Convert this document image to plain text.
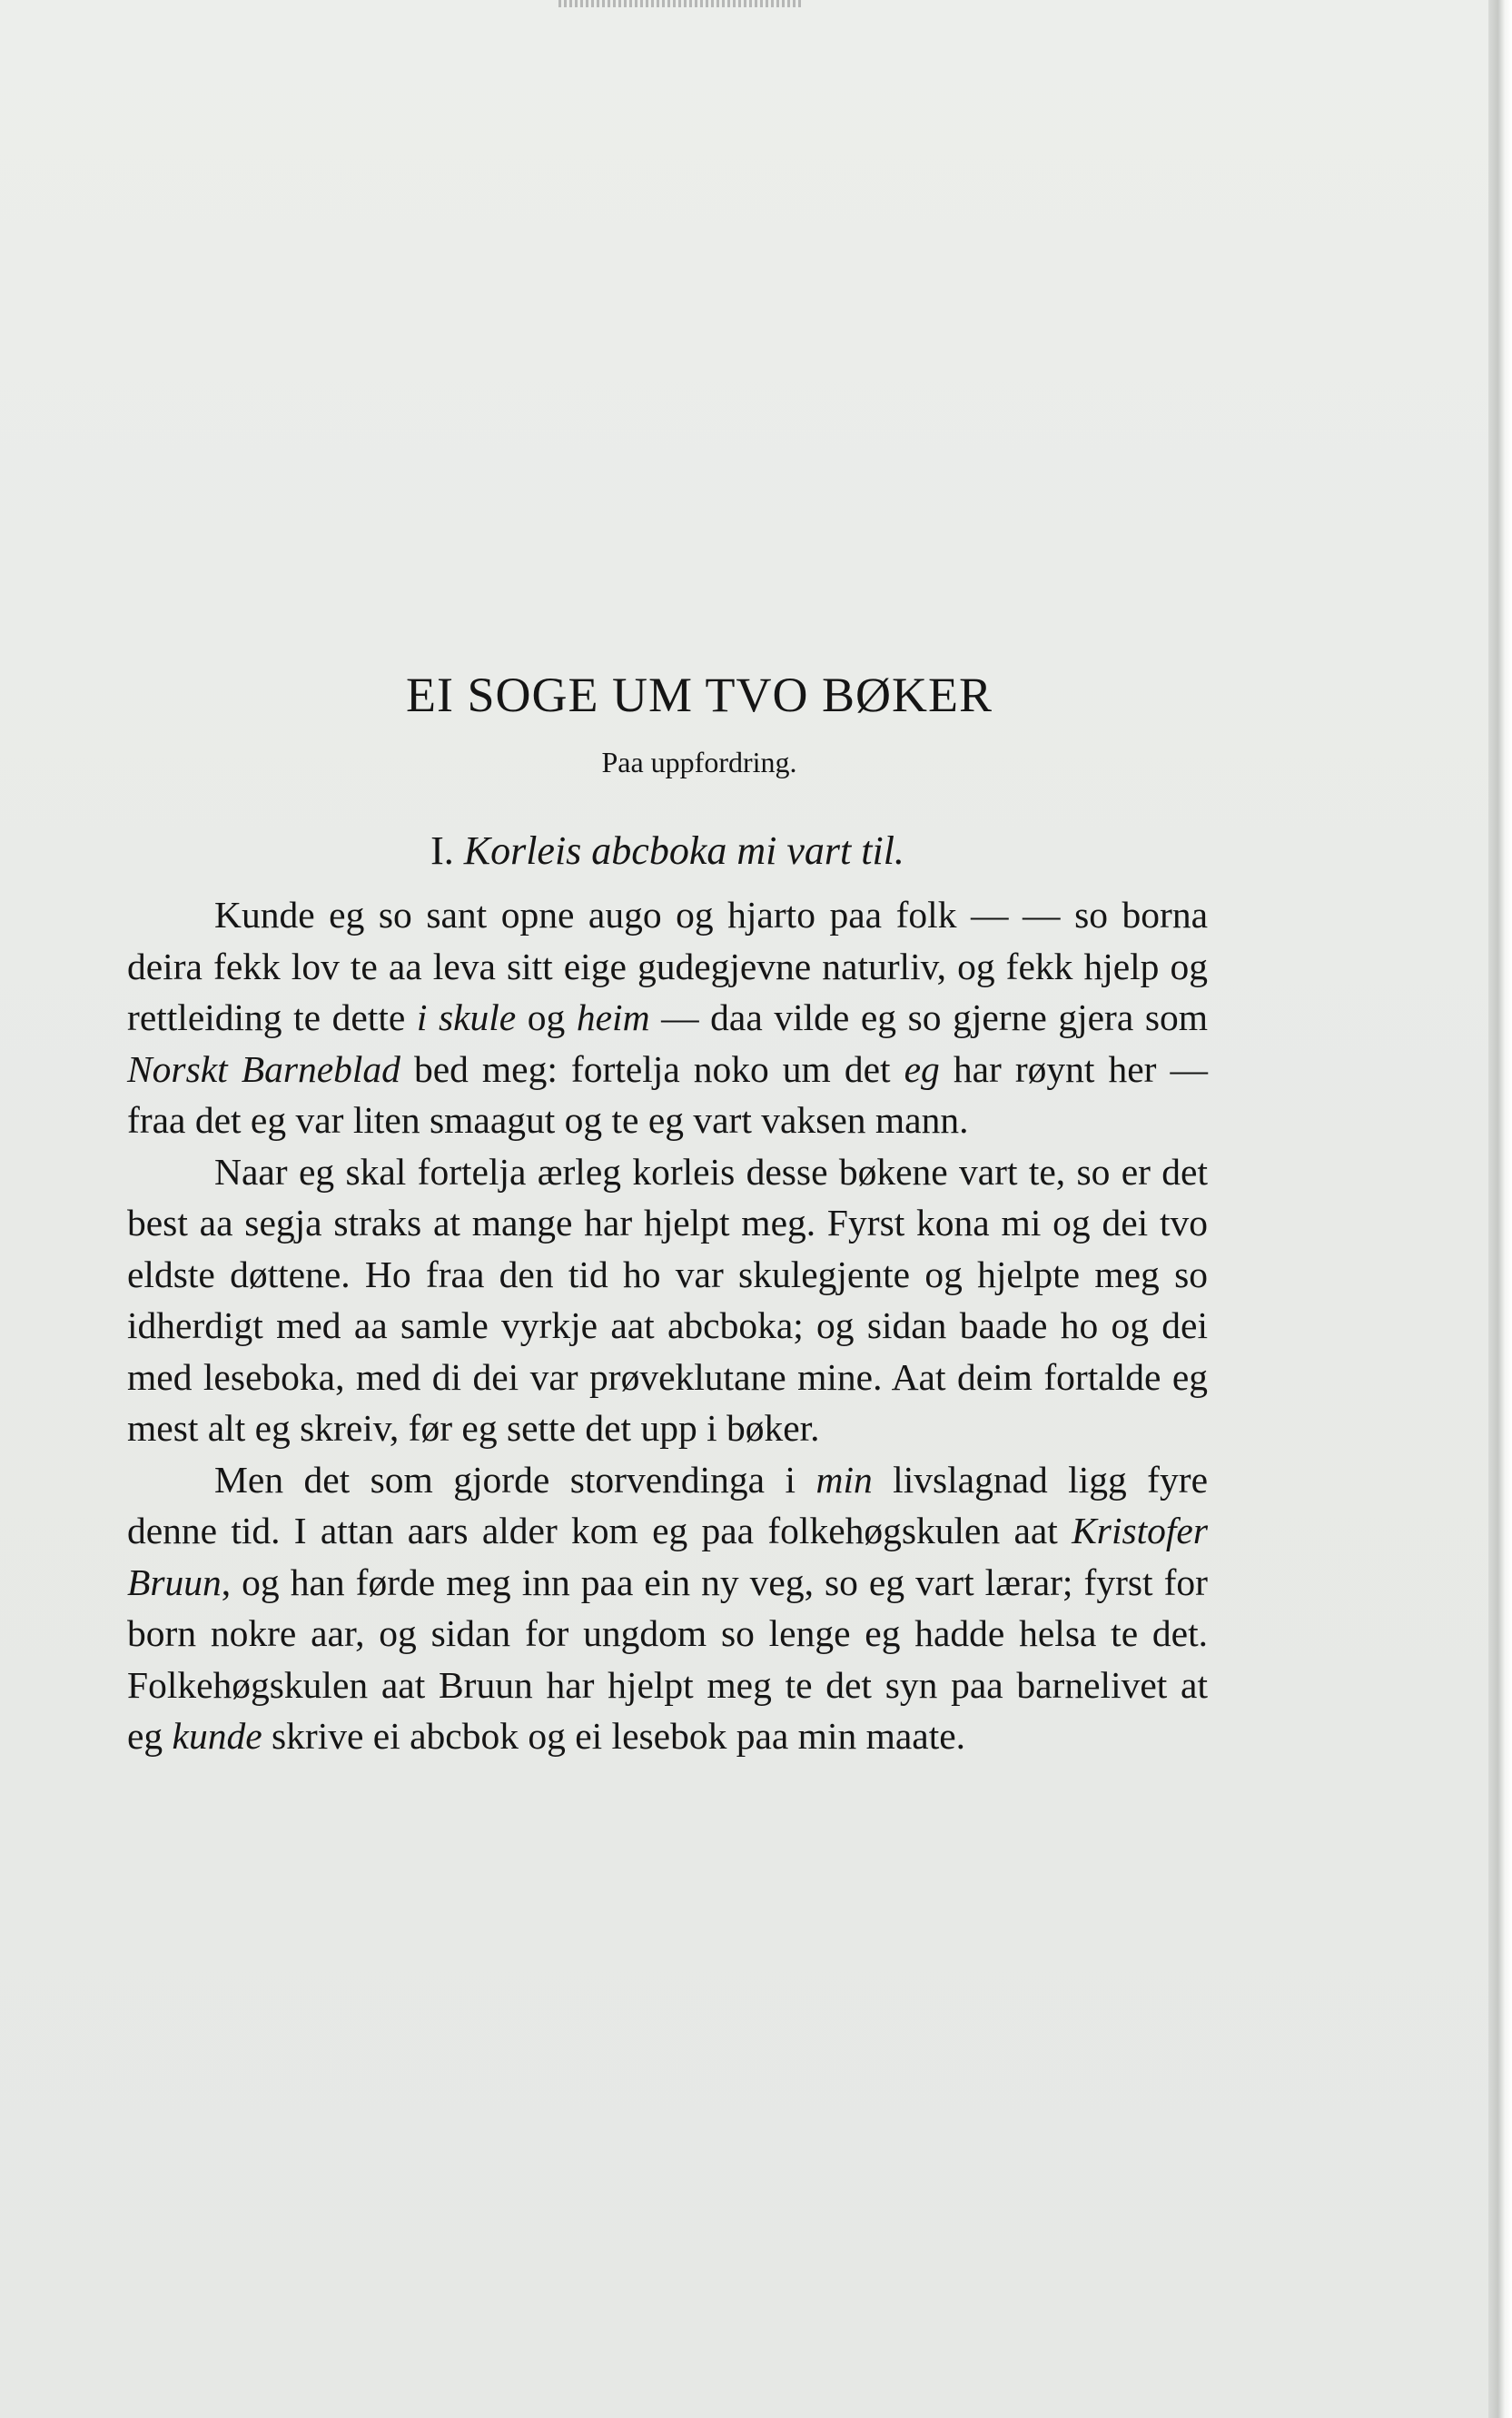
EI SOGE UM TVO BØKER
Paa uppfordring.
I. Korleis abcboka mi vart til.

Kunde eg so sant opne augo og hjarto paa folk — — so borna deira fekk lov te aa leva sitt eige gudegjevne naturliv, og fekk hjelp og rettleiding te dette i skule og heim — daa vilde eg so gjerne gjera som Norskt Barneblad bed meg: fortelja noko um det eg har røynt her — fraa det eg var liten smaagut og te eg vart vaksen mann.

Naar eg skal fortelja ærleg korleis desse bøkene vart te, so er det best aa segja straks at mange har hjelpt meg. Fyrst kona mi og dei tvo eldste døttene. Ho fraa den tid ho var skulegjente og hjelpte meg so idherdigt med aa samle vyrkje aat abcboka; og sidan baade ho og dei med leseboka, med di dei var prøveklutane mine. Aat deim fortalde eg mest alt eg skreiv, før eg sette det upp i bøker.

Men det som gjorde storvendinga i min livslagnad ligg fyre denne tid. I attan aars alder kom eg paa folkehøgskulen aat Kristofer Bruun, og han førde meg inn paa ein ny veg, so eg vart lærar; fyrst for born nokre aar, og sidan for ungdom so lenge eg hadde helsa te det. Folkehøgskulen aat Bruun har hjelpt meg te det syn paa barnelivet at eg kunde skrive ei abcbok og ei lesebok paa min maate.
